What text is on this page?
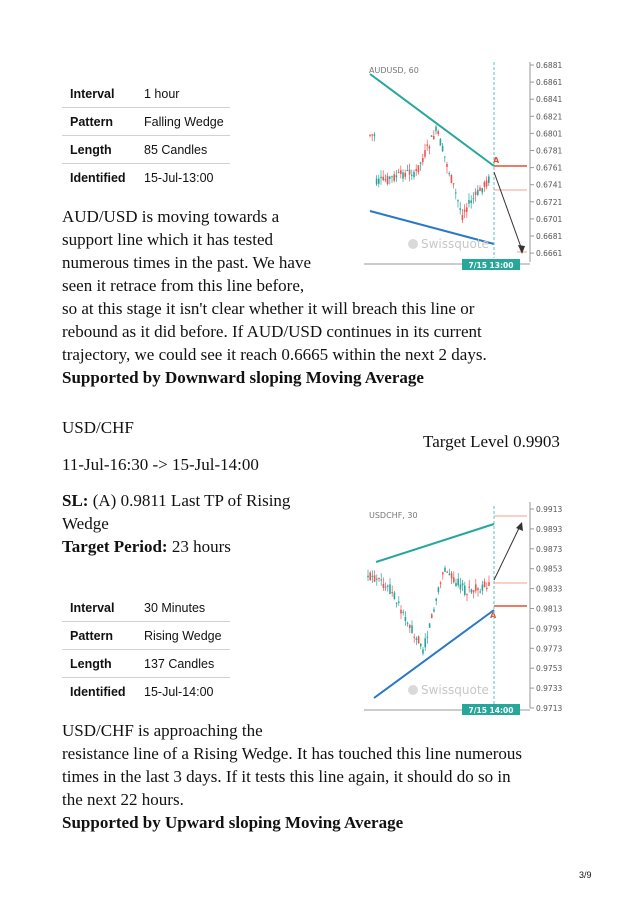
Interval	1 hour
Pattern	Falling Wedge
Length	85 Candles
Identified	15-Jul-13:00
0.6881
0.6861
0.6841
0.6821
0.6801
0.6781
0.6761
0.6741
0.6721
0.6701
0.6681
0.6661
AUDUSD, 60
A
Swissquote
7/15 13:00
AUD/USD is moving towards a
support line which it has tested
numerous times in the past. We have
seen it retrace from this line before,
so at this stage it isn't clear whether it will breach this line or
rebound as it did before. If AUD/USD continues in its current
trajectory, we could see it reach 0.6665 within the next 2 days.
Supported by Downward sloping Moving Average
USD/CHF
Target Level 0.9903
11-Jul-16:30 -> 15-Jul-14:00
SL: (A) 0.9811 Last TP of Rising
Wedge
Target Period: 23 hours
Interval	30 Minutes
Pattern	Rising Wedge
Length	137 Candles
Identified	15-Jul-14:00
0.9913
0.9893
0.9873
0.9853
0.9833
0.9813
0.9793
0.9773
0.9753
0.9733
0.9713
USDCHF, 30
A
Swissquote
7/15 14:00
USD/CHF is approaching the
resistance line of a Rising Wedge. It has touched this line numerous
times in the last 3 days. If it tests this line again, it should do so in
the next 22 hours.
Supported by Upward sloping Moving Average
3/9
